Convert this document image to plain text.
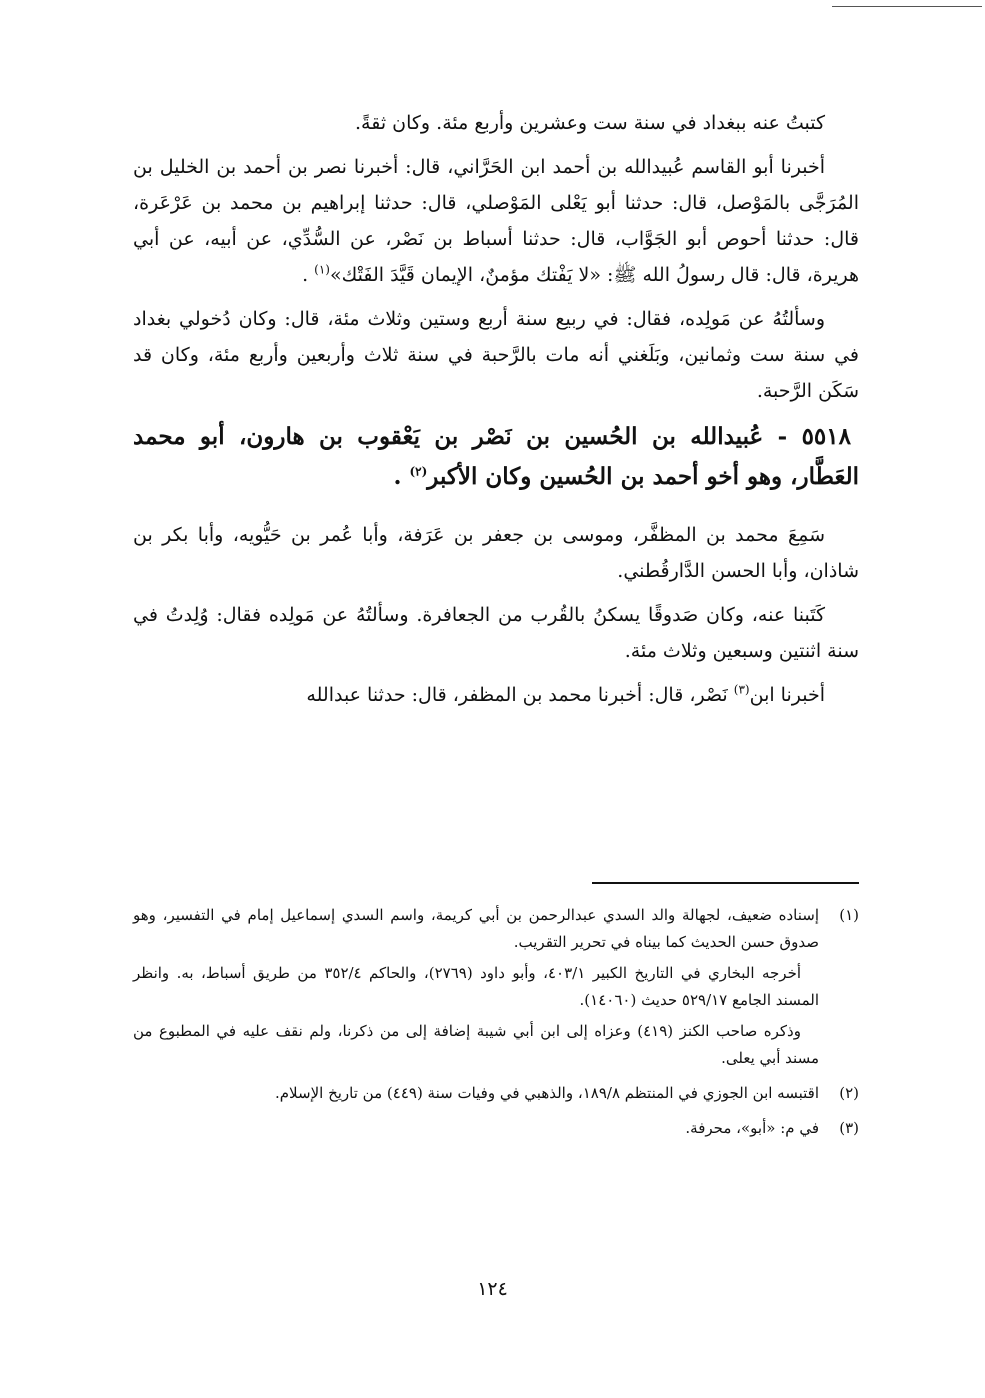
كتبتُ عنه ببغداد في سنة ست وعشرين وأربع مئة. وكان ثقةً.

أخبرنا أبو القاسم عُبيدالله بن أحمد ابن الحَرَّاني، قال: أخبرنا نصر بن أحمد بن الخليل بن المُرَجَّى بالمَوْصل، قال: حدثنا أبو يَعْلى المَوْصلي، قال: حدثنا إبراهيم بن محمد بن عَرْعَرة، قال: حدثنا أحوص أبو الجَوَّاب، قال: حدثنا أسباط بن نَصْر، عن السُّدِّي، عن أبيه، عن أبي هريرة، قال: قال رسولُ الله ﷺ: «لا يَفْتك مؤمنٌ، الإيمان قَيَّدَ الفَتْك»$^{(١)}$ .

وسألتُهُ عن مَولِده، فقال: في ربيع سنة أربع وستين وثلاث مئة، قال: وكان دُخولي بغداد في سنة ست وثمانين، وبَلَغني أنه مات بالرَّحبة في سنة ثلاث وأربعين وأربع مئة، وكان قد سَكَن الرَّحبة.

٥٥١٨ - عُبيدالله بن الحُسين بن نَصْر بن يَعْقوب بن هارون، أبو محمد العَطَّار، وهو أخو أحمد بن الحُسين وكان الأكبر$^{(٢)}$ .

سَمِعَ محمد بن المظفَّر، وموسى بن جعفر بن عَرَفة، وأبا عُمر بن حَيُّويه، وأبا بكر بن شاذان، وأبا الحسن الدَّارقُطني.

كَتَبنا عنه، وكان صَدوقًا يسكنُ بالقُرب من الجعافرة. وسألتُهُ عن مَولِده فقال: وُلِدتُ في سنة اثنتين وسبعين وثلاث مئة.

أخبرنا ابن$^{(٣)}$ نَصْر، قال: أخبرنا محمد بن المظفر، قال: حدثنا عبدالله

(١)

إسناده ضعيف، لجهالة والد السدي عبدالرحمن بن أبي كريمة، واسم السدي إسماعيل إمام في التفسير، وهو صدوق حسن الحديث كما بيناه في تحرير التقريب.

أخرجه البخاري في التاريخ الكبير ٤٠٣/١، وأبو داود (٢٧٦٩)، والحاكم ٣٥٢/٤ من طريق أسباط، به. وانظر المسند الجامع ٥٢٩/١٧ حديث (١٤٠٦٠).

وذكره صاحب الكنز (٤١٩) وعزاه إلى ابن أبي شيبة إضافة إلى من ذكرنا، ولم نقف عليه في المطبوع من مسند أبي يعلى.

(٢)

اقتبسه ابن الجوزي في المنتظم ١٨٩/٨، والذهبي في وفيات سنة (٤٤٩) من تاريخ الإسلام.

(٣)

في م: «أبو»، محرفة.

١٢٤
